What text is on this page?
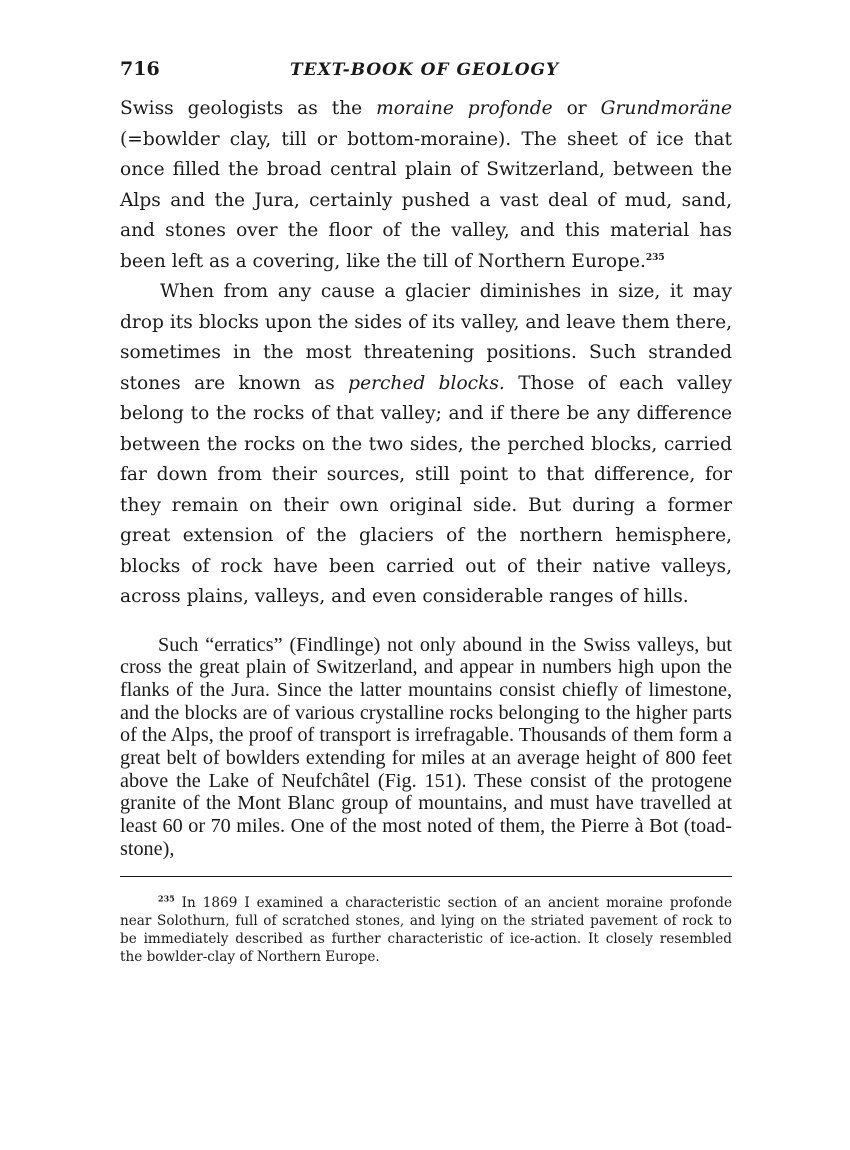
716	TEXT-BOOK OF GEOLOGY

Swiss geologists as the moraine profonde or Grundmoräne (=bowlder clay, till or bottom-moraine). The sheet of ice that once filled the broad central plain of Switzerland, between the Alps and the Jura, certainly pushed a vast deal of mud, sand, and stones over the floor of the valley, and this material has been left as a covering, like the till of Northern Europe.$^{235}$

When from any cause a glacier diminishes in size, it may drop its blocks upon the sides of its valley, and leave them there, sometimes in the most threatening positions. Such stranded stones are known as perched blocks. Those of each valley belong to the rocks of that valley; and if there be any difference between the rocks on the two sides, the perched blocks, carried far down from their sources, still point to that difference, for they remain on their own original side. But during a former great extension of the glaciers of the northern hemisphere, blocks of rock have been carried out of their native valleys, across plains, valleys, and even considerable ranges of hills.

Such “erratics” (Findlinge) not only abound in the Swiss valleys, but cross the great plain of Switzerland, and appear in numbers high upon the flanks of the Jura. Since the latter mountains consist chiefly of limestone, and the blocks are of various crystalline rocks belonging to the higher parts of the Alps, the proof of transport is irrefragable. Thousands of them form a great belt of bowlders extending for miles at an average height of 800 feet above the Lake of Neufchâtel (Fig. 151). These consist of the protogene granite of the Mont Blanc group of mountains, and must have travelled at least 60 or 70 miles. One of the most noted of them, the Pierre à Bot (toad-stone),

$^{235}$ In 1869 I examined a characteristic section of an ancient moraine profonde near Solothurn, full of scratched stones, and lying on the striated pavement of rock to be immediately described as further characteristic of ice-action. It closely resembled the bowlder-clay of Northern Europe.
